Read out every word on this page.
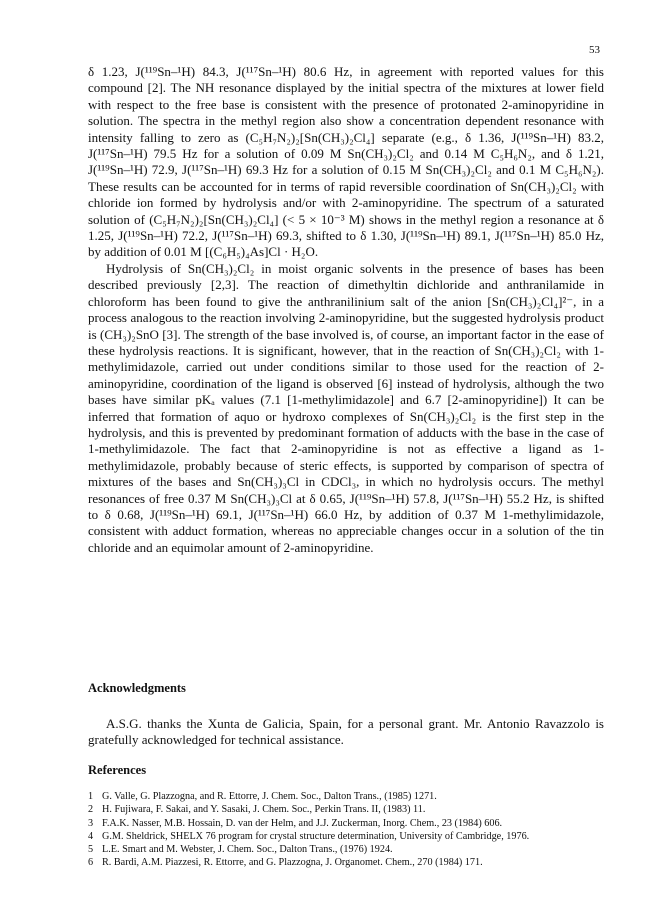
53

δ 1.23, J(¹¹⁹Sn–¹H) 84.3, J(¹¹⁷Sn–¹H) 80.6 Hz, in agreement with reported values for this compound [2]. The NH resonance displayed by the initial spectra of the mixtures at lower field with respect to the free base is consistent with the presence of protonated 2-aminopyridine in solution. The spectra in the methyl region also show a concentration dependent resonance with intensity falling to zero as (C₅H₇N₂)₂[Sn(CH₃)₂Cl₄] separate (e.g., δ 1.36, J(¹¹⁹Sn–¹H) 83.2, J(¹¹⁷Sn–¹H) 79.5 Hz for a solution of 0.09 M Sn(CH₃)₂Cl₂ and 0.14 M C₅H₆N₂, and δ 1.21, J(¹¹⁹Sn–¹H) 72.9, J(¹¹⁷Sn–¹H) 69.3 Hz for a solution of 0.15 M Sn(CH₃)₂Cl₂ and 0.1 M C₅H₆N₂). These results can be accounted for in terms of rapid reversible coordination of Sn(CH₃)₂Cl₂ with chloride ion formed by hydrolysis and/or with 2-aminopyridine. The spectrum of a saturated solution of (C₅H₇N₂)₂[Sn(CH₃)₂Cl₄] (< 5 × 10⁻³ M) shows in the methyl region a resonance at δ 1.25, J(¹¹⁹Sn–¹H) 72.2, J(¹¹⁷Sn–¹H) 69.3, shifted to δ 1.30, J(¹¹⁹Sn–¹H) 89.1, J(¹¹⁷Sn–¹H) 85.0 Hz, by addition of 0.01 M [(C₆H₅)₄As]Cl · H₂O.

Hydrolysis of Sn(CH₃)₂Cl₂ in moist organic solvents in the presence of bases has been described previously [2,3]. The reaction of dimethyltin dichloride and anthranilamide in chloroform has been found to give the anthranilinium salt of the anion [Sn(CH₃)₂Cl₄]²⁻, in a process analogous to the reaction involving 2-aminopyridine, but the suggested hydrolysis product is (CH₃)₂SnO [3]. The strength of the base involved is, of course, an important factor in the ease of these hydrolysis reactions. It is significant, however, that in the reaction of Sn(CH₃)₂Cl₂ with 1-methylimidazole, carried out under conditions similar to those used for the reaction of 2-aminopyridine, coordination of the ligand is observed [6] instead of hydrolysis, although the two bases have similar pKₐ values (7.1 [1-methylimidazole] and 6.7 [2-aminopyridine]) It can be inferred that formation of aquo or hydroxo complexes of Sn(CH₃)₂Cl₂ is the first step in the hydrolysis, and this is prevented by predominant formation of adducts with the base in the case of 1-methylimidazole. The fact that 2-aminopyridine is not as effective a ligand as 1-methylimidazole, probably because of steric effects, is supported by comparison of spectra of mixtures of the bases and Sn(CH₃)₃Cl in CDCl₃, in which no hydrolysis occurs. The methyl resonances of free 0.37 M Sn(CH₃)₃Cl at δ 0.65, J(¹¹⁹Sn–¹H) 57.8, J(¹¹⁷Sn–¹H) 55.2 Hz, is shifted to δ 0.68, J(¹¹⁹Sn–¹H) 69.1, J(¹¹⁷Sn–¹H) 66.0 Hz, by addition of 0.37 M 1-methylimidazole, consistent with adduct formation, whereas no appreciable changes occur in a solution of the tin chloride and an equimolar amount of 2-aminopyridine.

Acknowledgments

A.S.G. thanks the Xunta de Galicia, Spain, for a personal grant. Mr. Antonio Ravazzolo is gratefully acknowledged for technical assistance.

References
1 G. Valle, G. Plazzogna, and R. Ettorre, J. Chem. Soc., Dalton Trans., (1985) 1271.
2 H. Fujiwara, F. Sakai, and Y. Sasaki, J. Chem. Soc., Perkin Trans. II, (1983) 11.
3 F.A.K. Nasser, M.B. Hossain, D. van der Helm, and J.J. Zuckerman, Inorg. Chem., 23 (1984) 606.
4 G.M. Sheldrick, SHELX 76 program for crystal structure determination, University of Cambridge, 1976.
5 L.E. Smart and M. Webster, J. Chem. Soc., Dalton Trans., (1976) 1924.
6 R. Bardi, A.M. Piazzesi, R. Ettorre, and G. Plazzogna, J. Organomet. Chem., 270 (1984) 171.
